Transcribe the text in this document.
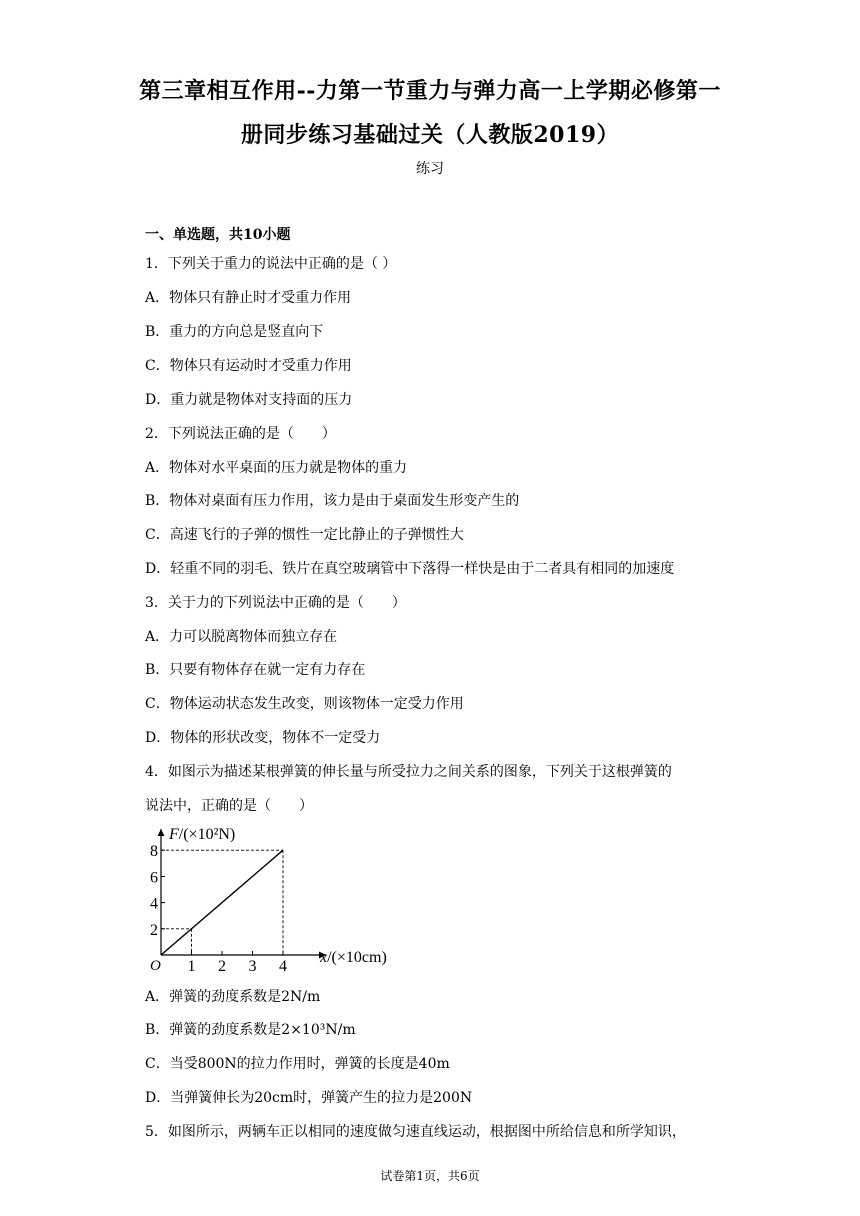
第三章相互作用--力第一节重力与弹力高一上学期必修第一
册同步练习基础过关（人教版2019）
练习
一、单选题，共10小题
1．下列关于重力的说法中正确的是（ ）
A．物体只有静止时才受重力作用
B．重力的方向总是竖直向下
C．物体只有运动时才受重力作用
D．重力就是物体对支持面的压力
2．下列说法正确的是（　　）
A．物体对水平桌面的压力就是物体的重力
B．物体对桌面有压力作用，该力是由于桌面发生形变产生的
C．高速飞行的子弹的惯性一定比静止的子弹惯性大
D．轻重不同的羽毛、铁片在真空玻璃管中下落得一样快是由于二者具有相同的加速度
3．关于力的下列说法中正确的是（　　）
A．力可以脱离物体而独立存在
B．只要有物体存在就一定有力存在
C．物体运动状态发生改变，则该物体一定受力作用
D．物体的形状改变，物体不一定受力
4．如图示为描述某根弹簧的伸长量与所受拉力之间关系的图象，下列关于这根弹簧的
说法中，正确的是（　　）
1 2 3 4
2
4
6
8
F/(×10²N)
x/(×10cm)
O
A．弹簧的劲度系数是2N/m
B．弹簧的劲度系数是2×10³N/m
C．当受800N的拉力作用时，弹簧的长度是40m
D．当弹簧伸长为20cm时，弹簧产生的拉力是200N
5．如图所示，两辆车正以相同的速度做匀速直线运动，根据图中所给信息和所学知识，
试卷第1页，共6页
